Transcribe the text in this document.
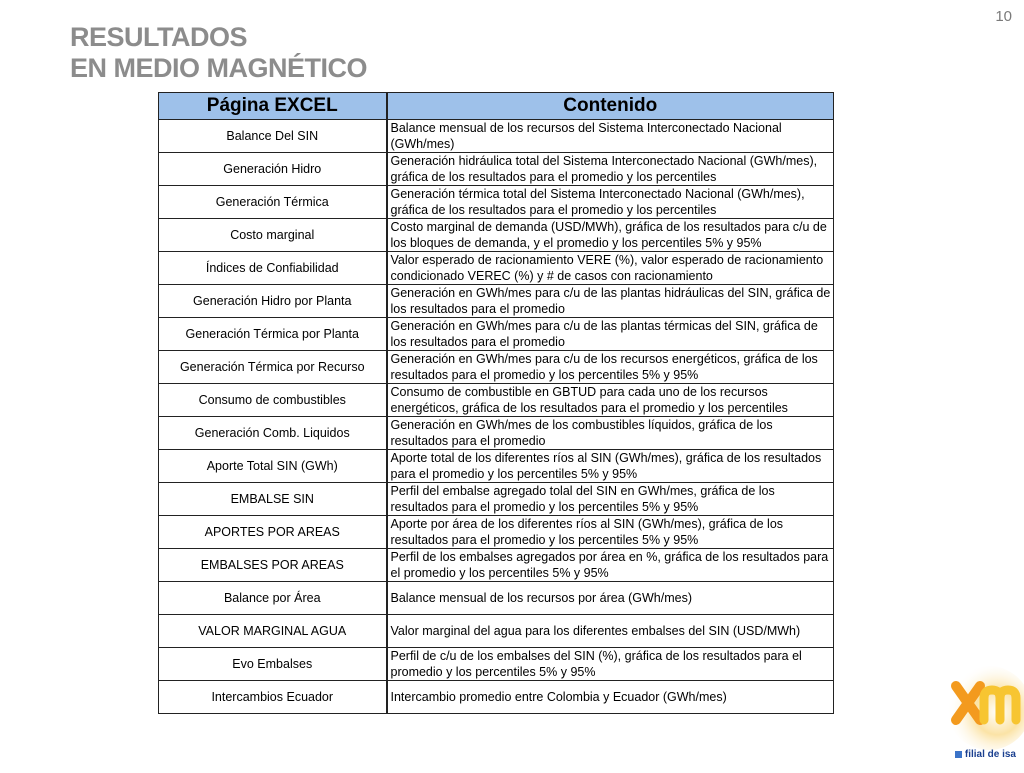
10
RESULTADOS
EN MEDIO MAGNÉTICO
Página EXCEL	Contenido
Balance Del SIN	Balance mensual de los recursos del Sistema Interconectado Nacional (GWh/mes)
Generación Hidro	Generación hidráulica total del Sistema Interconectado Nacional (GWh/mes), gráfica de los resultados para el promedio y los percentiles
Generación Térmica	Generación térmica total del Sistema Interconectado Nacional (GWh/mes), gráfica de los resultados para el promedio y los percentiles
Costo marginal	Costo marginal de demanda (USD/MWh), gráfica de los resultados para c/u de los bloques de demanda, y el promedio y los percentiles 5% y 95%
Índices de Confiabilidad	Valor esperado de racionamiento VERE (%), valor esperado de racionamiento condicionado VEREC (%) y # de casos con racionamiento
Generación Hidro por Planta	Generación en GWh/mes para c/u de las plantas hidráulicas del SIN, gráfica de los resultados para el promedio
Generación Térmica por Planta	Generación en GWh/mes para c/u de las plantas térmicas del SIN, gráfica de los resultados para el promedio
Generación Térmica por Recurso	Generación en GWh/mes para c/u de los recursos energéticos, gráfica de los resultados para el promedio y los percentiles 5% y 95%
Consumo de combustibles	Consumo de combustible en GBTUD para cada uno de los recursos energéticos, gráfica de los resultados para el promedio y los percentiles
Generación Comb. Liquidos	Generación en GWh/mes de los combustibles líquidos, gráfica de los resultados para el promedio
Aporte Total SIN (GWh)	Aporte total de los diferentes ríos al SIN (GWh/mes), gráfica de los resultados para el promedio y los percentiles 5% y 95%
EMBALSE SIN	Perfil del embalse agregado tolal del SIN en GWh/mes, gráfica de los resultados para el promedio y los percentiles 5% y 95%
APORTES POR AREAS	Aporte por área de los diferentes ríos al SIN (GWh/mes), gráfica de los resultados para el promedio y los percentiles 5% y 95%
EMBALSES POR AREAS	Perfil de los embalses agregados por área en %, gráfica de los resultados para el promedio y los percentiles 5% y 95%
Balance por Área	Balance mensual de los recursos por área (GWh/mes)
VALOR MARGINAL AGUA	Valor marginal del agua para los diferentes embalses del SIN (USD/MWh)
Evo Embalses	Perfil de c/u de los embalses del SIN (%), gráfica de los resultados para el promedio y los percentiles 5% y 95%
Intercambios Ecuador	Intercambio promedio entre Colombia y Ecuador (GWh/mes)
filial de isa
